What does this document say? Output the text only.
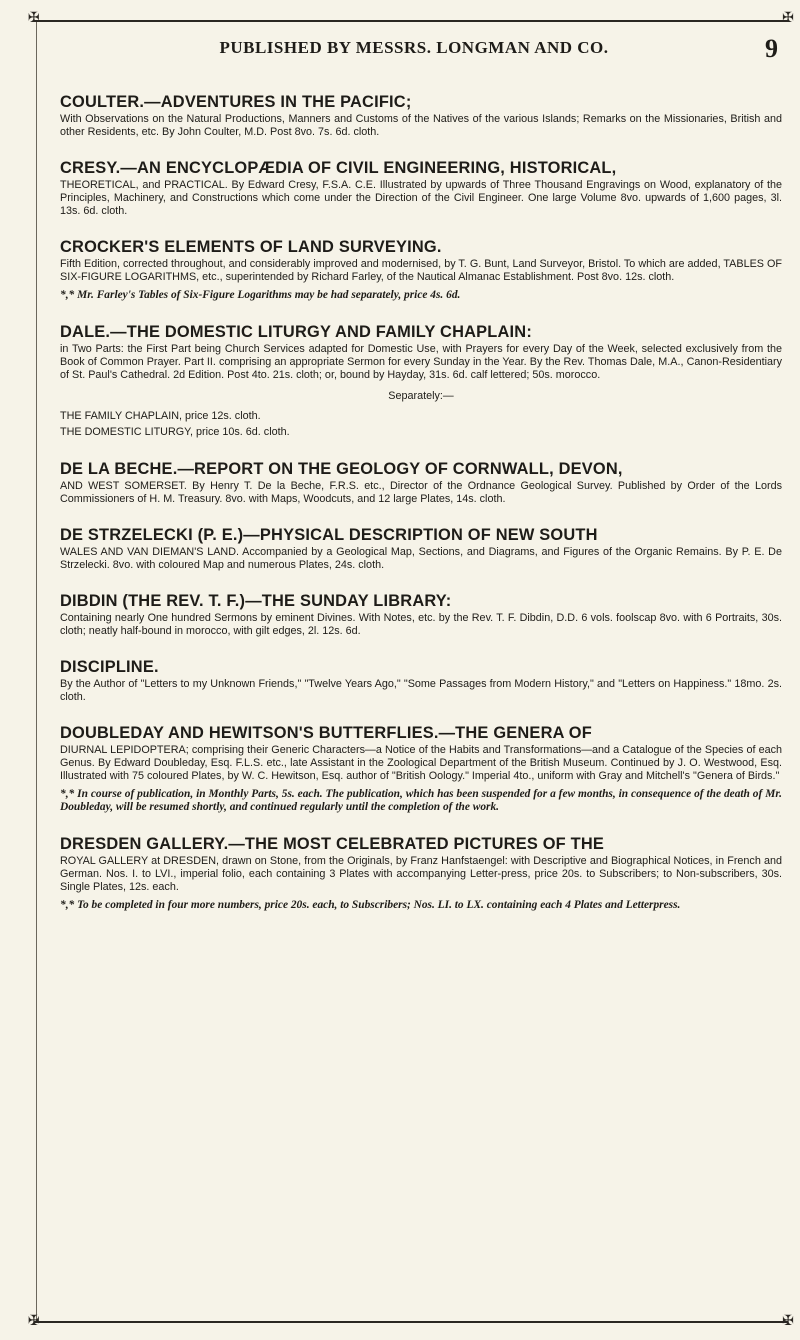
✠	✠
✠	✠
PUBLISHED BY MESSRS. LONGMAN AND CO.	9
COULTER.—ADVENTURES IN THE PACIFIC;
With Observations on the Natural Productions, Manners and Customs of the Natives of the various Islands; Remarks on the Missionaries, British and other Residents, etc. By John Coulter, M.D. Post 8vo. 7s. 6d. cloth.
CRESY.—AN ENCYCLOPÆDIA OF CIVIL ENGINEERING, HISTORICAL,
THEORETICAL, and PRACTICAL. By Edward Cresy, F.S.A. C.E. Illustrated by upwards of Three Thousand Engravings on Wood, explanatory of the Principles, Machinery, and Constructions which come under the Direction of the Civil Engineer. One large Volume 8vo. upwards of 1,600 pages, 3l. 13s. 6d. cloth.
CROCKER'S ELEMENTS OF LAND SURVEYING.
Fifth Edition, corrected throughout, and considerably improved and modernised, by T. G. Bunt, Land Surveyor, Bristol. To which are added, TABLES OF SIX-FIGURE LOGARITHMS, etc., superintended by Richard Farley, of the Nautical Almanac Establishment. Post 8vo. 12s. cloth.
*,* Mr. Farley's Tables of Six-Figure Logarithms may be had separately, price 4s. 6d.
DALE.—THE DOMESTIC LITURGY AND FAMILY CHAPLAIN:
in Two Parts: the First Part being Church Services adapted for Domestic Use, with Prayers for every Day of the Week, selected exclusively from the Book of Common Prayer. Part II. comprising an appropriate Sermon for every Sunday in the Year. By the Rev. Thomas Dale, M.A., Canon-Residentiary of St. Paul's Cathedral. 2d Edition. Post 4to. 21s. cloth; or, bound by Hayday, 31s. 6d. calf lettered; 50s. morocco.
Separately:—
THE FAMILY CHAPLAIN, price 12s. cloth.
THE DOMESTIC LITURGY, price 10s. 6d. cloth.
DE LA BECHE.—REPORT ON THE GEOLOGY OF CORNWALL, DEVON,
AND WEST SOMERSET. By Henry T. De la Beche, F.R.S. etc., Director of the Ordnance Geological Survey. Published by Order of the Lords Commissioners of H. M. Treasury. 8vo. with Maps, Woodcuts, and 12 large Plates, 14s. cloth.
DE STRZELECKI (P. E.)—PHYSICAL DESCRIPTION OF NEW SOUTH
WALES AND VAN DIEMAN'S LAND. Accompanied by a Geological Map, Sections, and Diagrams, and Figures of the Organic Remains. By P. E. De Strzelecki. 8vo. with coloured Map and numerous Plates, 24s. cloth.
DIBDIN (THE REV. T. F.)—THE SUNDAY LIBRARY:
Containing nearly One hundred Sermons by eminent Divines. With Notes, etc. by the Rev. T. F. Dibdin, D.D. 6 vols. foolscap 8vo. with 6 Portraits, 30s. cloth; neatly half-bound in morocco, with gilt edges, 2l. 12s. 6d.
DISCIPLINE.
By the Author of "Letters to my Unknown Friends," "Twelve Years Ago," "Some Passages from Modern History," and "Letters on Happiness." 18mo. 2s. cloth.
DOUBLEDAY AND HEWITSON'S BUTTERFLIES.—THE GENERA OF
DIURNAL LEPIDOPTERA; comprising their Generic Characters—a Notice of the Habits and Transformations—and a Catalogue of the Species of each Genus. By Edward Doubleday, Esq. F.L.S. etc., late Assistant in the Zoological Department of the British Museum. Continued by J. O. Westwood, Esq. Illustrated with 75 coloured Plates, by W. C. Hewitson, Esq. author of "British Oology." Imperial 4to., uniform with Gray and Mitchell's "Genera of Birds."
*,* In course of publication, in Monthly Parts, 5s. each. The publication, which has been suspended for a few months, in consequence of the death of Mr. Doubleday, will be resumed shortly, and continued regularly until the completion of the work.
DRESDEN GALLERY.—THE MOST CELEBRATED PICTURES OF THE
ROYAL GALLERY at DRESDEN, drawn on Stone, from the Originals, by Franz Hanfstaengel: with Descriptive and Biographical Notices, in French and German. Nos. I. to LVI., imperial folio, each containing 3 Plates with accompanying Letter-press, price 20s. to Subscribers; to Non-subscribers, 30s. Single Plates, 12s. each.
*,* To be completed in four more numbers, price 20s. each, to Subscribers; Nos. LI. to LX. containing each 4 Plates and Letterpress.
